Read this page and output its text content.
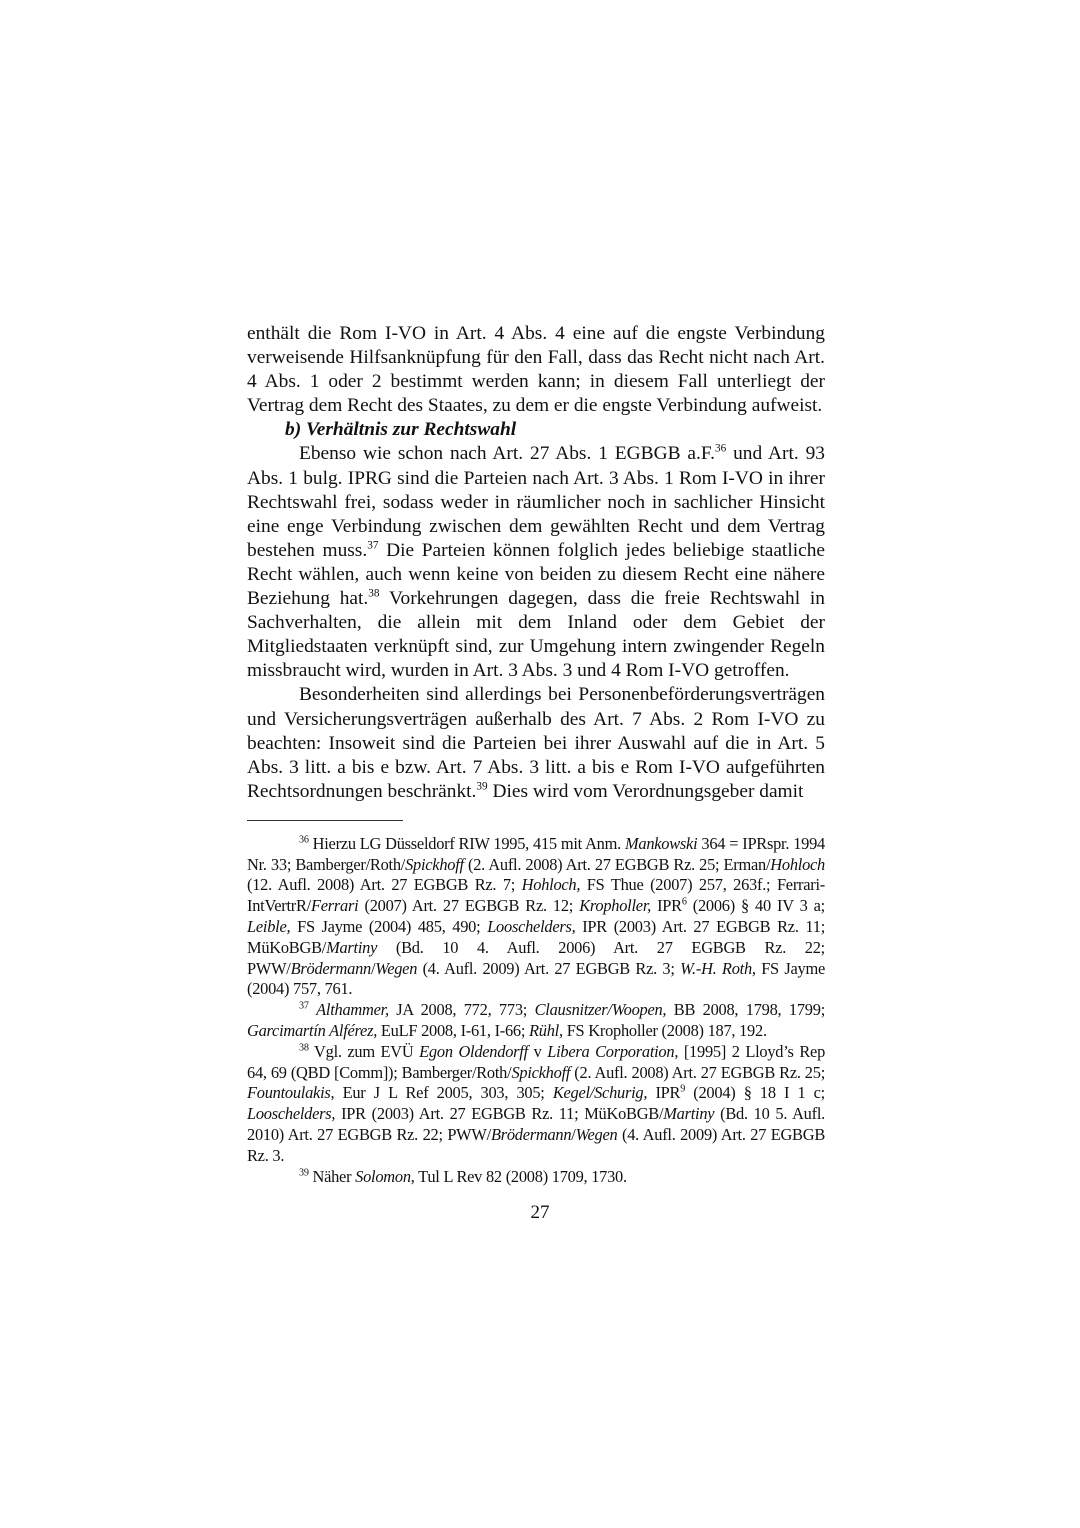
enthält die Rom I-VO in Art. 4 Abs. 4 eine auf die engste Verbindung verweisende Hilfsanknüpfung für den Fall, dass das Recht nicht nach Art. 4 Abs. 1 oder 2 bestimmt werden kann; in diesem Fall unterliegt der Vertrag dem Recht des Staates, zu dem er die engste Verbindung aufweist.

b) Verhältnis zur Rechtswahl

Ebenso wie schon nach Art. 27 Abs. 1 EGBGB a.F.$^{36}$ und Art. 93 Abs. 1 bulg. IPRG sind die Parteien nach Art. 3 Abs. 1 Rom I-VO in ihrer Rechtswahl frei, sodass weder in räumlicher noch in sachlicher Hinsicht eine enge Verbindung zwischen dem gewählten Recht und dem Vertrag bestehen muss.$^{37}$ Die Parteien können folglich jedes beliebige staatliche Recht wählen, auch wenn keine von beiden zu diesem Recht eine nähere Beziehung hat.$^{38}$ Vorkehrungen dagegen, dass die freie Rechtswahl in Sachverhalten, die allein mit dem Inland oder dem Gebiet der Mitgliedstaaten verknüpft sind, zur Umgehung intern zwingender Regeln missbraucht wird, wurden in Art. 3 Abs. 3 und 4 Rom I-VO getroffen.

Besonderheiten sind allerdings bei Personenbeförderungsverträgen und Versicherungsverträgen außerhalb des Art. 7 Abs. 2 Rom I-VO zu beachten: Insoweit sind die Parteien bei ihrer Auswahl auf die in Art. 5 Abs. 3 litt. a bis e bzw. Art. 7 Abs. 3 litt. a bis e Rom I-VO aufgeführten Rechtsordnungen beschränkt.$^{39}$ Dies wird vom Verordnungsgeber damit

$^{36}$ Hierzu LG Düsseldorf RIW 1995, 415 mit Anm. Mankowski 364 = IPRspr. 1994 Nr. 33; Bamberger/Roth/Spickhoff (2. Aufl. 2008) Art. 27 EGBGB Rz. 25; Erman/Hohloch (12. Aufl. 2008) Art. 27 EGBGB Rz. 7; Hohloch, FS Thue (2007) 257, 263f.; Ferrari-IntVertrR/Ferrari (2007) Art. 27 EGBGB Rz. 12; Kropholler, IPR$^6$ (2006) § 40 IV 3 a; Leible, FS Jayme (2004) 485, 490; Looschelders, IPR (2003) Art. 27 EGBGB Rz. 11; MüKoBGB/Martiny (Bd. 10 4. Aufl. 2006) Art. 27 EGBGB Rz. 22; PWW/Brödermann/Wegen (4. Aufl. 2009) Art. 27 EGBGB Rz. 3; W.-H. Roth, FS Jayme (2004) 757, 761.

$^{37}$ Althammer, JA 2008, 772, 773; Clausnitzer/Woopen, BB 2008, 1798, 1799; Garcimartín Alférez, EuLF 2008, I-61, I-66; Rühl, FS Kropholler (2008) 187, 192.

$^{38}$ Vgl. zum EVÜ Egon Oldendorff v Libera Corporation, [1995] 2 Lloyd’s Rep 64, 69 (QBD [Comm]); Bamberger/Roth/Spickhoff (2. Aufl. 2008) Art. 27 EGBGB Rz. 25; Fountoulakis, Eur J L Ref 2005, 303, 305; Kegel/Schurig, IPR$^9$ (2004) § 18 I 1 c; Looschelders, IPR (2003) Art. 27 EGBGB Rz. 11; MüKoBGB/Martiny (Bd. 10 5. Aufl. 2010) Art. 27 EGBGB Rz. 22; PWW/Brödermann/Wegen (4. Aufl. 2009) Art. 27 EGBGB Rz. 3.

$^{39}$ Näher Solomon, Tul L Rev 82 (2008) 1709, 1730.

27
